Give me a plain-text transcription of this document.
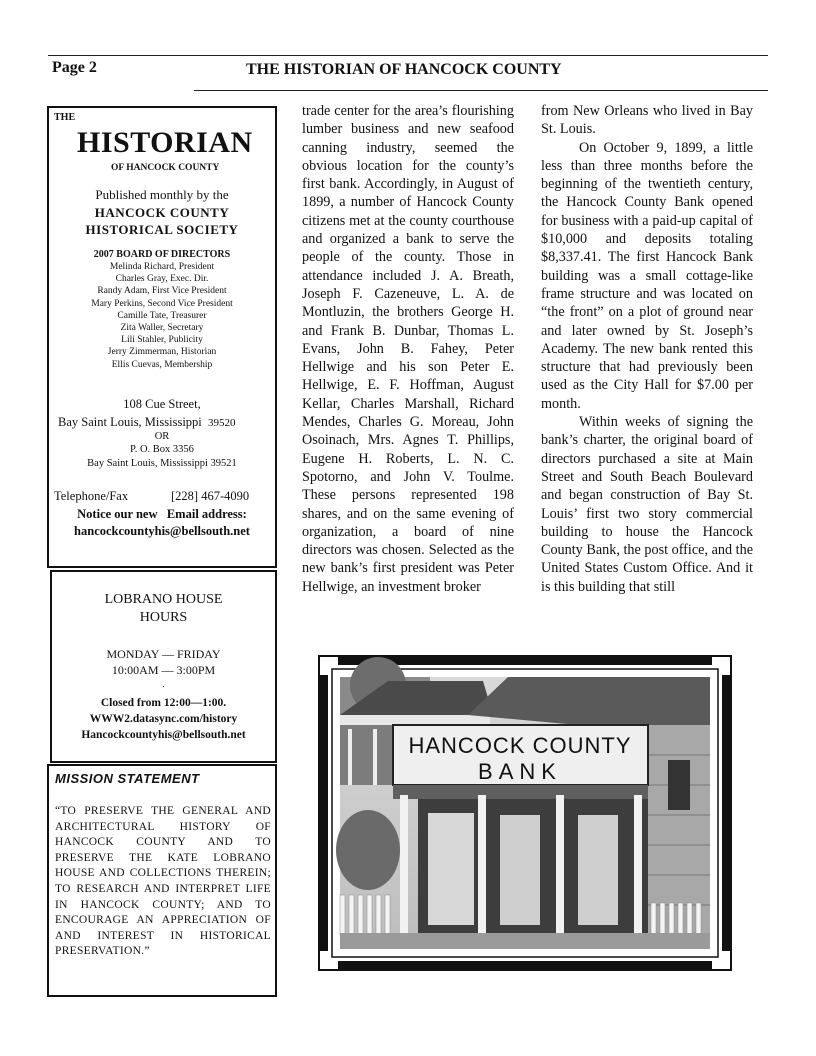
Page 2	THE HISTORIAN OF HANCOCK COUNTY
THE
HISTORIAN
OF HANCOCK COUNTY
Published monthly by the
HANCOCK COUNTY
HISTORICAL SOCIETY
2007 BOARD OF DIRECTORS
Melinda Richard, President
Charles Gray, Exec. Dir.
Randy Adam, First Vice President
Mary Perkins, Second Vice President
Camille Tate, Treasurer
Zita Waller, Secretary
Lili Stahler, Publicity
Jerry Zimmerman, Historian
Ellis Cuevas, Membership
108 Cue Street,
Bay Saint Louis, Mississippi 39520
OR
P. O. Box 3356
Bay Saint Louis, Mississippi 39521
Telephone/Fax	[228] 467-4090
Notice our new   Email address:
hancockcountyhis@bellsouth.net
LOBRANO HOUSE
HOURS
MONDAY — FRIDAY
10:00AM — 3:00PM
.
Closed from 12:00—1:00.
WWW2.datasync.com/history
Hancockcountyhis@bellsouth.net
MISSION STATEMENT
“TO PRESERVE THE GENERAL AND ARCHITECTURAL HISTORY OF HANCOCK COUNTY AND TO PRESERVE THE KATE LOBRANO HOUSE AND COLLECTIONS THEREIN; TO RESEARCH AND INTERPRET LIFE IN HANCOCK COUNTY; AND TO ENCOURAGE AN APPRECIATION OF AND INTEREST IN HISTORICAL PRESERVATION.”

trade center for the area’s flourishing lumber business and new seafood canning industry, seemed the obvious location for the county’s first bank. Accordingly, in August of 1899, a number of Hancock County citizens met at the county courthouse and organized a bank to serve the people of the county. Those in attendance included J. A. Breath, Joseph F. Cazeneuve, L. A. de Montluzin, the brothers George H. and Frank B. Dunbar, Thomas L. Evans, John B. Fahey, Peter Hellwige and his son Peter E. Hellwige, E. F. Hoffman, August Kellar, Charles Marshall, Richard Mendes, Charles G. Moreau, John Osoinach, Mrs. Agnes T. Phillips, Eugene H. Roberts, L. N. C. Spotorno, and John V. Toulme. These persons represented 198 shares, and on the same evening of organization, a board of nine directors was chosen. Selected as the new bank’s first president was Peter Hellwige, an investment broker

from New Orleans who lived in Bay St. Louis.

On October 9, 1899, a little less than three months before the beginning of the twentieth century, the Hancock County Bank opened for business with a paid-up capital of $10,000 and deposits totaling $8,337.41. The first Hancock Bank building was a small cottage-like frame structure and was located on “the front” on a plot of ground near and later owned by St. Joseph’s Academy. The new bank rented this structure that had previously been used as the City Hall for $7.00 per month.

Within weeks of signing the bank’s charter, the original board of directors purchased a site at Main Street and South Beach Boulevard and began construction of Bay St. Louis’ first two story commercial building to house the Hancock County Bank, the post office, and the United States Custom Office. And it is this building that still

HANCOCK COUNTY
BANK
